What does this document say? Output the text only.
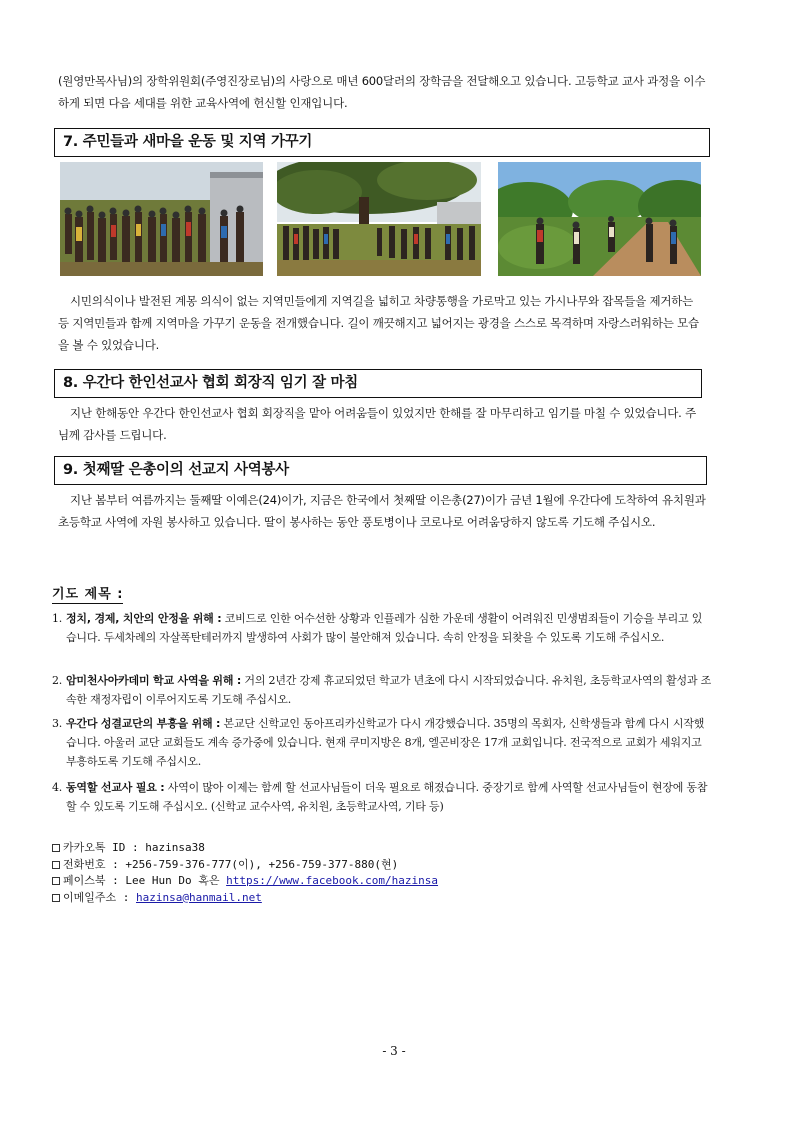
(원영만목사님)의 장학위원회(주영진장로님)의 사랑으로 매년 600달러의 장학금을 전달해오고 있습니다. 고등학교 교사 과정을 이수하게 되면 다음 세대를 위한 교육사역에 헌신할 인재입니다.
7. 주민들과 새마을 운동 및 지역 가꾸기
시민의식이나 발전된 계몽 의식이 없는 지역민들에게 지역길을 넓히고 차량통행을 가로막고 있는 가시나무와 잡목들을 제거하는 등 지역민들과 함께 지역마을 가꾸기 운동을 전개했습니다. 길이 깨끗해지고 넓어지는 광경을 스스로 목격하며 자랑스러워하는 모습을 볼 수 있었습니다.
8. 우간다 한인선교사 협회 회장직 임기 잘 마침
지난 한해동안 우간다 한인선교사 협회 회장직을 맡아 어려움들이 있었지만 한해를 잘 마무리하고 임기를 마칠 수 있었습니다. 주님께 감사를 드립니다.
9. 첫째딸 은총이의 선교지 사역봉사
지난 봄부터 여름까지는 둘째딸 이예은(24)이가, 지금은 한국에서 첫째딸 이은총(27)이가 금년 1월에 우간다에 도착하여 유치원과 초등학교 사역에 자원 봉사하고 있습니다. 딸이 봉사하는 동안 풍토병이나 코로나로 어려움당하지 않도록 기도해 주십시오.
기도 제목 :
1. 정치, 경제, 치안의 안정을 위해 : 코비드로 인한 어수선한 상황과 인플레가 심한 가운데 생활이 어려워진 민생범죄들이 기승을 부리고 있습니다. 두세차례의 자살폭탄테러까지 발생하여 사회가 많이 불안해져 있습니다. 속히 안정을 되찾을 수 있도록 기도해 주십시오.
2. 암미천사아카데미 학교 사역을 위해 : 거의 2년간 강제 휴교되었던 학교가 년초에 다시 시작되었습니다. 유치원, 초등학교사역의 활성과 조속한 재정자립이 이루어지도록 기도해 주십시오.
3. 우간다 성결교단의 부흥을 위해 : 본교단 신학교인 동아프리카신학교가 다시 개강했습니다. 35명의 목회자, 신학생들과 함께 다시 시작했습니다. 아울러 교단 교회들도 계속 증가중에 있습니다. 현재 쿠미지방은 8개, 엘곤비장은 17개 교회입니다. 전국적으로 교회가 세워지고 부흥하도록 기도해 주십시오.
4. 동역할 선교사 필요 : 사역이 많아 이제는 함께 할 선교사님들이 더욱 필요로 해졌습니다. 중장기로 함께 사역할 선교사님들이 현장에 동참할 수 있도록 기도해 주십시오. (신학교 교수사역, 유치원, 초등학교사역, 기타 등)
카카오톡 ID : hazinsa38
전화번호 : +256-759-376-777(이), +256-759-377-880(현)
페이스북 : Lee Hun Do 혹은 https://www.facebook.com/hazinsa
이메일주소 : hazinsa@hanmail.net
- 3 -
